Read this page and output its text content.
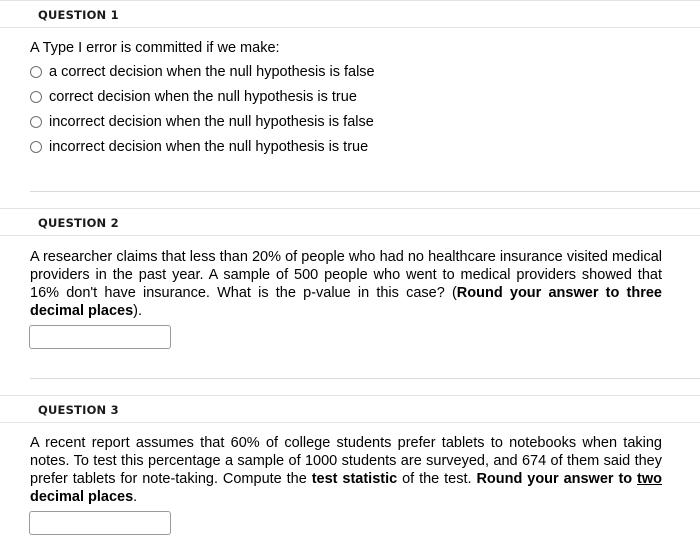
QUESTION 1
A Type I error is committed if we make:
a correct decision when the null hypothesis is false
correct decision when the null hypothesis is true
incorrect decision when the null hypothesis is false
incorrect decision when the null hypothesis is true
QUESTION 2
A researcher claims that less than 20% of people who had no healthcare insurance visited medical providers in the past year. A sample of 500 people who went to medical providers showed that 16% don't have insurance. What is the p-value in this case? (Round your answer to three decimal places).
QUESTION 3
A recent report assumes that 60% of college students prefer tablets to notebooks when taking notes. To test this percentage a sample of 1000 students are surveyed, and 674 of them said they prefer tablets for note-taking. Compute the test statistic of the test. Round your answer to two decimal places.
